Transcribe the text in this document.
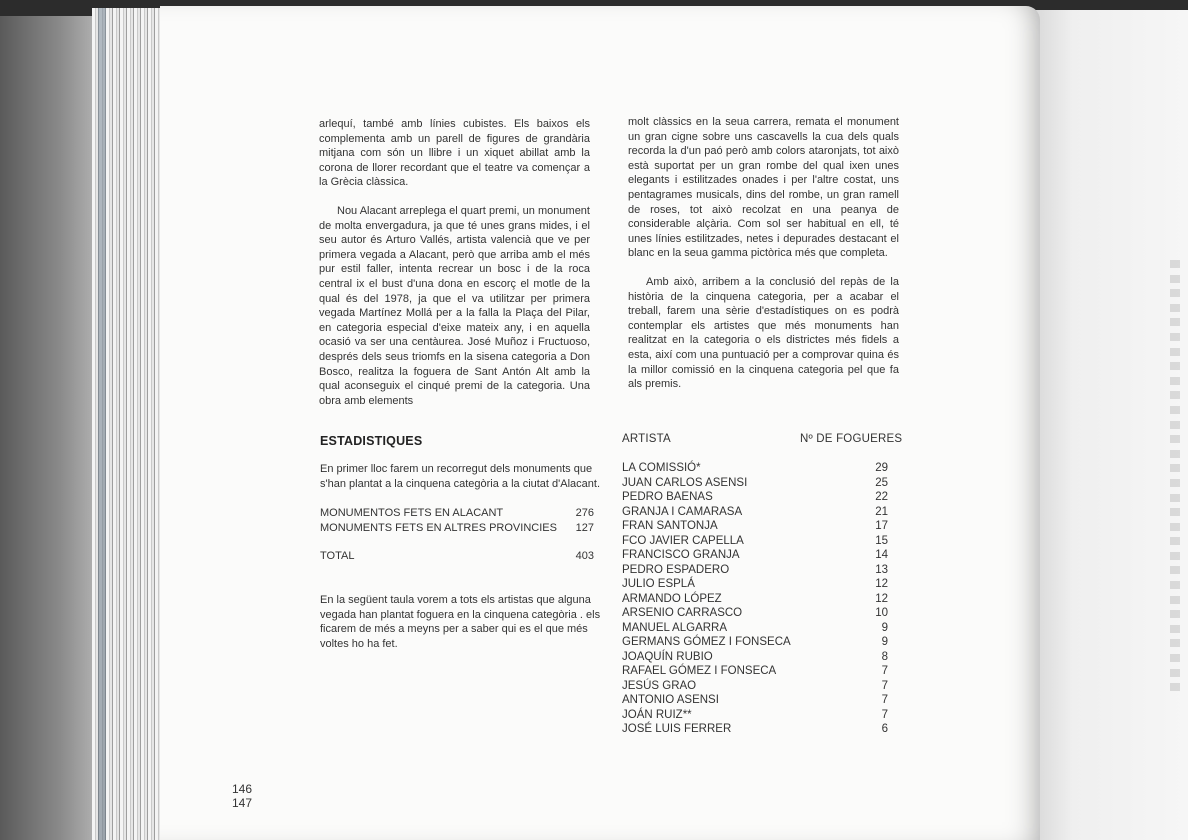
arlequí, també amb línies cubistes. Els baixos els complementa amb un parell de figures de grandària mitjana com són un llibre i un xiquet abillat amb la corona de llorer recordant que el teatre va començar a la Grècia clàssica.

Nou Alacant arreplega el quart premi, un monument de molta envergadura, ja que té unes grans mides, i el seu autor és Arturo Vallés, artista valencià que ve per primera vegada a Alacant, però que arriba amb el més pur estil faller, intenta recrear un bosc i de la roca central ix el bust d'una dona en escorç el motle de la qual és del 1978, ja que el va utilitzar per primera vegada Martínez Mollá per a la falla la Plaça del Pilar, en categoria especial d'eixe mateix any, i en aquella ocasió va ser una centàurea. José Muñoz i Fructuoso, després dels seus triomfs en la sisena categoria a Don Bosco, realitza la foguera de Sant Antón Alt amb la qual aconseguix el cinqué premi de la categoria. Una obra amb elements

molt clàssics en la seua carrera, remata el monument un gran cigne sobre uns cascavells la cua dels quals recorda la d'un paó però amb colors ataronjats, tot això està suportat per un gran rombe del qual ixen unes elegants i estilitzades onades i per l'altre costat, uns pentagrames musicals, dins del rombe, un gran ramell de roses, tot això recolzat en una peanya de considerable alçària. Com sol ser habitual en ell, té unes línies estilitzades, netes i depurades destacant el blanc en la seua gamma pictòrica més que completa.

Amb això, arribem a la conclusió del repàs de la història de la cinquena categoria, per a acabar el treball, farem una sèrie d'estadístiques on es podrà contemplar els artistes que més monuments han realitzat en la categoria o els districtes més fidels a esta, així com una puntuació per a comprovar quina és la millor comissió en la cinquena categoria pel que fa als premis.

ESTADISTIQUES
En primer lloc farem un recorregut dels monuments que s'han plantat a la cinquena categòria a la ciutat d'Alacant.
MONUMENTOS FETS EN ALACANT	276
MONUMENTS FETS EN ALTRES PROVINCIES 127
TOTAL	403
En la següent taula vorem a tots els artistas que alguna vegada han plantat foguera en la cinquena categòria . els ficarem de més a meyns per a saber qui es el que més voltes ho ha fet.
ARTISTA	Nº DE FOGUERES
LA COMISSIÓ*	29
JUAN CARLOS ASENSI	25
PEDRO BAENAS	22
GRANJA I CAMARASA	21
FRAN SANTONJA	17
FCO JAVIER CAPELLA	15
FRANCISCO GRANJA	14
PEDRO ESPADERO	13
JULIO ESPLÁ	12
ARMANDO LÓPEZ	12
ARSENIO CARRASCO	10
MANUEL ALGARRA	9
GERMANS GÓMEZ I FONSECA	9
JOAQUÍN RUBIO	8
RAFAEL GÓMEZ I FONSECA	7
JESÚS GRAO	7
ANTONIO ASENSI	7
JOÁN RUIZ**	7
JOSÉ LUIS FERRER	6
146
147
